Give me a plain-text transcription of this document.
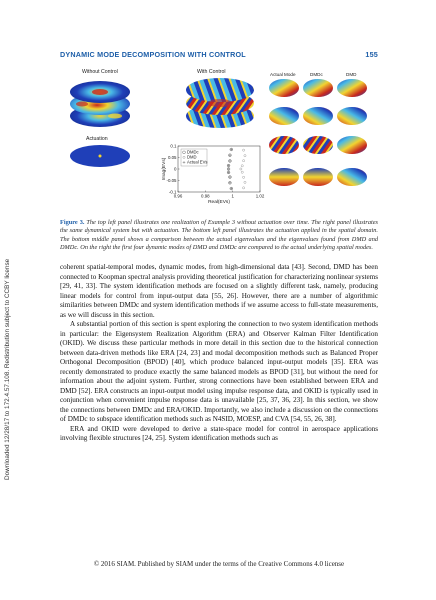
Downloaded 12/28/17 to 172.4.57.108. Redistribution subject to CCBY license
DYNAMIC MODE DECOMPOSITION WITH CONTROL	155
0.96	0.98	1	1.02
0.1
0.05
0
-0.05
-0.1
Real(EVs)
Imag(EVs)
DMDc
DMD
Actual EVs
Without Control	With Control
Actuation
Actual Mode	DMDc	DMD
Figure 3. The top left panel illustrates one realization of Example 3 without actuation over time. The right panel illustrates the same dynamical system but with actuation. The bottom left panel illustrates the actuation applied in the spatial domain. The bottom middle panel shows a comparison between the actual eigenvalues and the eigenvalues found from DMD and DMDc. On the right the first four dynamic modes of DMD and DMDc are compared to the actual underlying spatial modes.

coherent spatial-temporal modes, dynamic modes, from high-dimensional data [43]. Second, DMD has been connected to Koopman spectral analysis providing theoretical justification for characterizing nonlinear systems [29, 41, 33]. The system identification methods are focused on a slightly different task, namely, producing linear models for control from input-output data [55, 26]. However, there are a number of algorithmic similarities between DMDc and system identification methods if we assume access to full-state measurements, as we will discuss in this section.

A substantial portion of this section is spent exploring the connection to two system identification methods in particular: the Eigensystem Realization Algorithm (ERA) and Observer Kalman Filter Identification (OKID). We discuss these particular methods in more detail in this section due to the historical connection between data-driven methods like ERA [24, 23] and modal decomposition methods such as Balanced Proper Orthogonal Decomposition (BPOD) [40], which produce balanced input-output models [35]. ERA was recently demonstrated to produce exactly the same balanced models as BPOD [31], but without the need for information about the adjoint system. Further, strong connections have been established between ERA and DMD [52]. ERA constructs an input-output model using impulse response data, and OKID is typically used in conjunction when convenient impulse response data is unavailable [25, 37, 36, 23]. In this section, we show the connections between DMDc and ERA/OKID. Importantly, we also include a discussion on the connections of DMDc to subspace identification methods such as N4SID, MOESP, and CVA [54, 55, 26, 38].

ERA and OKID were developed to derive a state-space model for control in aerospace applications involving flexible structures [24, 25]. System identification methods such as

© 2016 SIAM. Published by SIAM under the terms of the Creative Commons 4.0 license
